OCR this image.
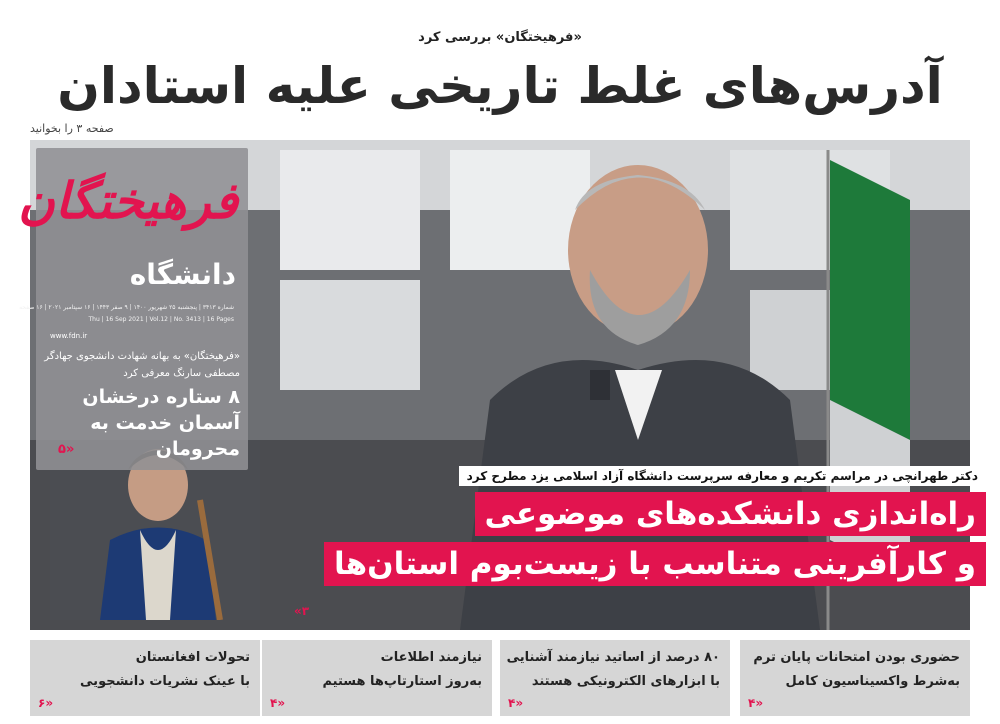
«فرهیختگان» بررسی کرد
آدرس‌های غلط تاریخی علیه استادان
صفحه ۳ را بخوانید
فرهیختگان
دانشگاه
شماره ۳۴۱۳ | پنجشنبه ۲۵ شهریور ۱۴۰۰ | ۹ صفر ۱۴۴۳ | ۱۶ سپتامبر ۲۰۲۱ | ۱۶ صفحه
Thu | 16 Sep 2021 | Vol.12 | No. 3413 | 16 Pages
www.fdn.ir
«فرهیختگان» به بهانه شهادت دانشجوی جهادگر مصطفی سارنگ معرفی کرد
۸ ستاره درخشان آسمان خدمت به محرومان
«۵
دکتر طهرانچی در مراسم تکریم و معارفه سرپرست دانشگاه آزاد اسلامی یزد مطرح کرد
راه‌اندازی دانشکده‌های موضوعی
و کارآفرینی متناسب با زیست‌بوم استان‌ها
«۳
حضوری بودن امتحانات پایان ترم
به‌شرط واکسیناسیون کامل
«۴
۸۰ درصد از اساتید نیازمند آشنایی
با ابزارهای الکترونیکی هستند
«۴
نیازمند اطلاعات
به‌روز استارتاپ‌ها هستیم
«۴
تحولات افغانستان
با عینک نشریات دانشجویی
«۶
